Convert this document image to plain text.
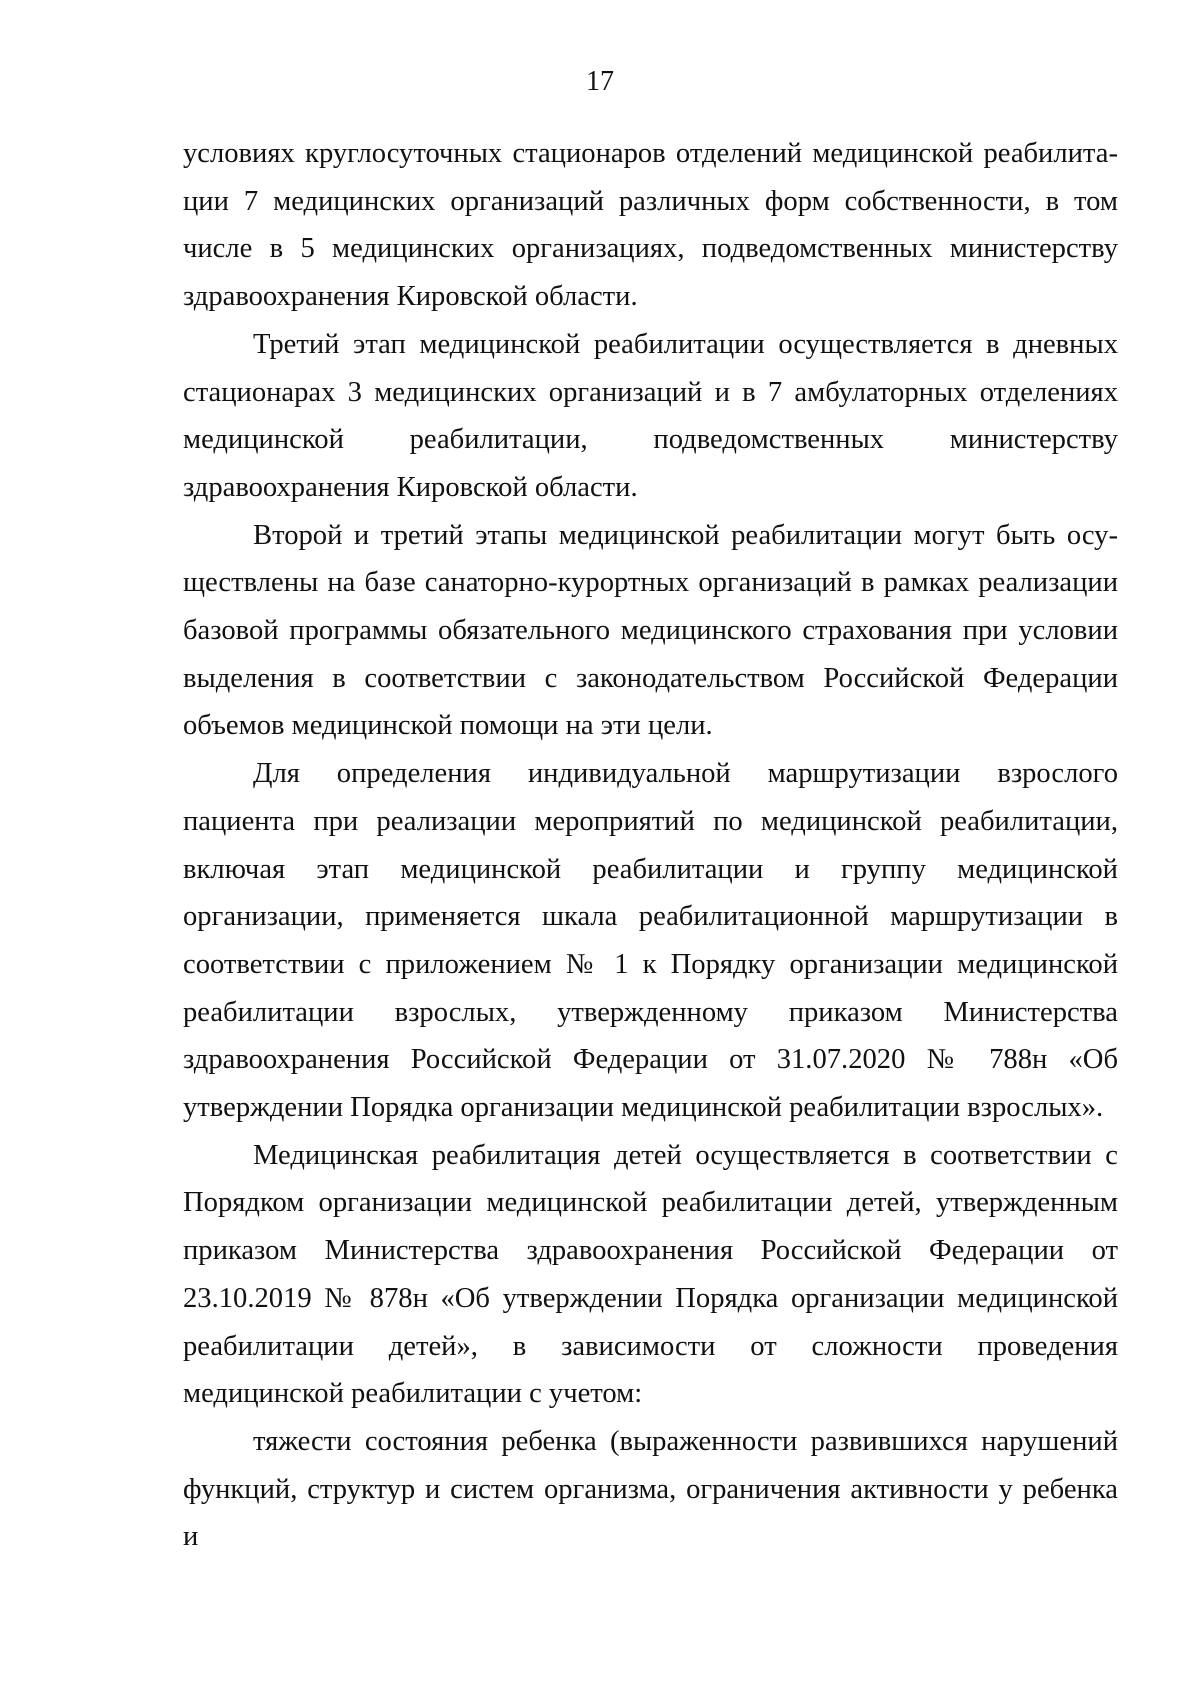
17

условиях круглосуточных стационаров отделений медицинской реабилитации 7 медицинских организаций различных форм собственности, в том числе в 5 медицинских организациях, подведомственных министерству здравоохранения Кировской области.

Третий этап медицинской реабилитации осуществляется в дневных стационарах 3 медицинских организаций и в 7 амбулаторных отделениях медицинской реабилитации, подведомственных министерству здравоохранения Кировской области.

Второй и третий этапы медицинской реабилитации могут быть осуществлены на базе санаторно-курортных организаций в рамках реализации базовой программы обязательного медицинского страхования при условии выделения в соответствии с законодательством Российской Федерации объемов медицинской помощи на эти цели.

Для определения индивидуальной маршрутизации взрослого пациента при реализации мероприятий по медицинской реабилитации, включая этап медицинской реабилитации и группу медицинской организации, применяется шкала реабилитационной маршрутизации в соответствии с приложением № 1 к Порядку организации медицинской реабилитации взрослых, утвержденному приказом Министерства здравоохранения Российской Федерации от 31.07.2020 № 788н «Об утверждении Порядка организации медицинской реабилитации взрослых».

Медицинская реабилитация детей осуществляется в соответствии с Порядком организации медицинской реабилитации детей, утвержденным приказом Министерства здравоохранения Российской Федерации от 23.10.2019 № 878н «Об утверждении Порядка организации медицинской реабилитации детей», в зависимости от сложности проведения медицинской реабилитации с учетом:

тяжести состояния ребенка (выраженности развившихся нарушений функций, структур и систем организма, ограничения активности у ребенка и
